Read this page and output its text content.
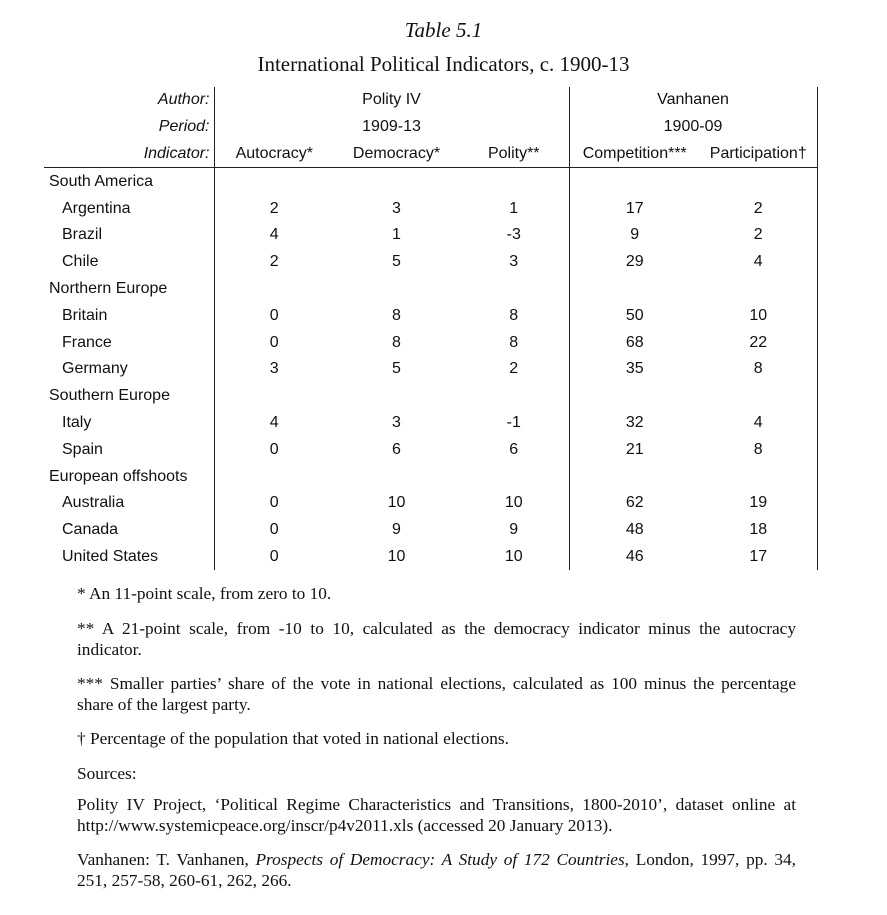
Table 5.1
International Political Indicators, c. 1900-13
Author:	Polity IV			Vanhanen	
Period:	1909-13			1900-09	
Indicator:	Autocracy*	Democracy*	Polity**	Competition***	Participation†
South America					
Argentina	2	3	1	17	2
Brazil	4	1	-3	9	2
Chile	2	5	3	29	4
Northern Europe					
Britain	0	8	8	50	10
France	0	8	8	68	22
Germany	3	5	2	35	8
Southern Europe					
Italy	4	3	-1	32	4
Spain	0	6	6	21	8
European offshoots					
Australia	0	10	10	62	19
Canada	0	9	9	48	18
United States	0	10	10	46	17
* An 11-point scale, from zero to 10.
** A 21-point scale, from -10 to 10, calculated as the democracy indicator minus the autocracy indicator.
*** Smaller parties’ share of the vote in national elections, calculated as 100 minus the percentage share of the largest party.
† Percentage of the population that voted in national elections.
Sources:
Polity IV Project, ‘Political Regime Characteristics and Transitions, 1800-2010’, dataset online at http://www.systemicpeace.org/inscr/p4v2011.xls (accessed 20 January 2013).
Vanhanen: T. Vanhanen, Prospects of Democracy: A Study of 172 Countries, London, 1997, pp. 34, 251, 257-58, 260-61, 262, 266.
